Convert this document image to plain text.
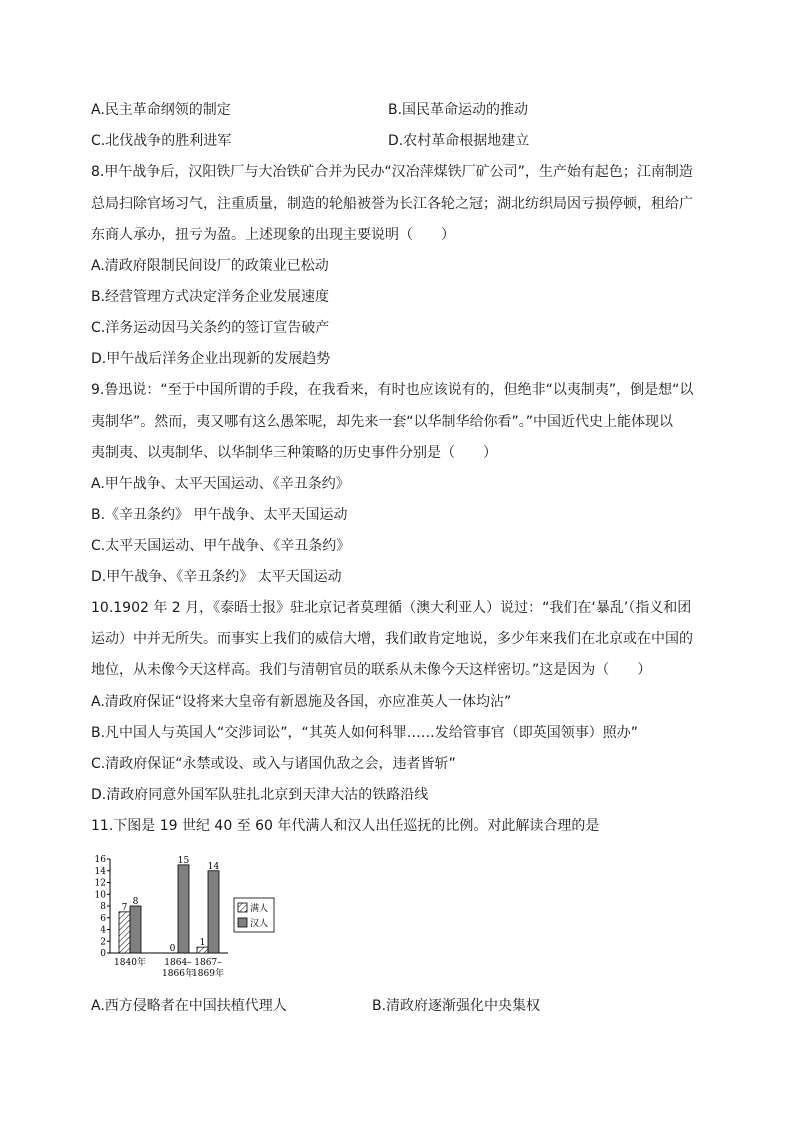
A.民主革命纲领的制定	B.国民革命运动的推动
C.北伐战争的胜利进军	D.农村革命根据地建立
8.甲午战争后，汉阳铁厂与大冶铁矿合并为民办“汉冶萍煤铁厂矿公司”，生产始有起色；江南制造
总局扫除官场习气，注重质量，制造的轮船被誉为长江各轮之冠；湖北纺织局因亏损停顿，租给广
东商人承办，扭亏为盈。上述现象的出现主要说明（　　）
A.清政府限制民间设厂的政策业已松动
B.经营管理方式决定洋务企业发展速度
C.洋务运动因马关条约的签订宣告破产
D.甲午战后洋务企业出现新的发展趋势
9.鲁迅说：“至于中国所谓的手段，在我看来，有时也应该说有的，但绝非“以夷制夷”，倒是想“以
夷制华”。然而，夷又哪有这么愚笨呢，却先来一套“以华制华给你看”。”中国近代史上能体现以
夷制夷、以夷制华、以华制华三种策略的历史事件分别是（　　）
A.甲午战争、太平天国运动、《辛丑条约》
B.《辛丑条约》 甲午战争、太平天国运动
C.太平天国运动、甲午战争、《辛丑条约》
D.甲午战争、《辛丑条约》 太平天国运动
10.1902 年 2 月，《泰晤士报》驻北京记者莫理循（澳大利亚人）说过：“我们在‘暴乱’（指义和团
运动）中并无所失。而事实上我们的威信大增，我们敢肯定地说，多少年来我们在北京或在中国的
地位，从未像今天这样高。我们与清朝官员的联系从未像今天这样密切。”这是因为（　　）
A.清政府保证“设将来大皇帝有新恩施及各国，亦应准英人一体均沾”
B.凡中国人与英国人“交涉词讼”，“其英人如何科罪……发给管事官（即英国领事）照办”
C.清政府保证“永禁或设、或入与诸国仇敌之会，违者皆斩”
D.清政府同意外国军队驻扎北京到天津大沽的铁路沿线
11.下图是 19 世纪 40 至 60 年代满人和汉人出任巡抚的比例。对此解读合理的是
0
2
4
6
8
10
12
14
16
7
8
1840年
0
15
1864–
1866年
1
14
1867–
1869年
满人
汉人
A.西方侵略者在中国扶植代理人	B.清政府逐渐强化中央集权
